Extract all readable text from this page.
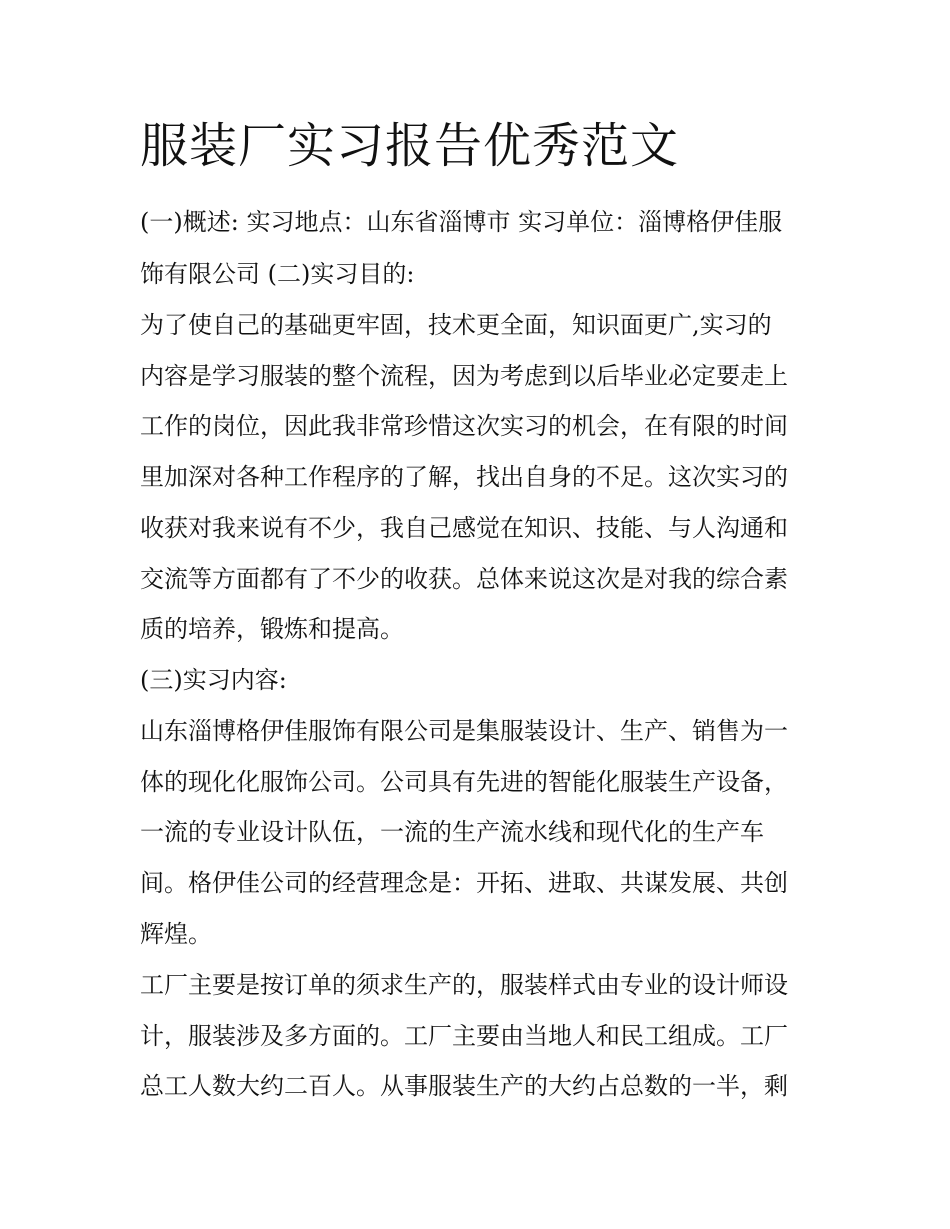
服装厂实习报告优秀范文

(一)概述: 实习地点：山东省淄博市 实习单位：淄博格伊佳服

饰有限公司 (二)实习目的:

为了使自己的基础更牢固，技术更全面，知识面更广,实习的

内容是学习服装的整个流程，因为考虑到以后毕业必定要走上

工作的岗位，因此我非常珍惜这次实习的机会，在有限的时间

里加深对各种工作程序的了解，找出自身的不足。这次实习的

收获对我来说有不少，我自己感觉在知识、技能、与人沟通和

交流等方面都有了不少的收获。总体来说这次是对我的综合素

质的培养，锻炼和提高。

(三)实习内容:

山东淄博格伊佳服饰有限公司是集服装设计、生产、销售为一

体的现化化服饰公司。公司具有先进的智能化服装生产设备，

一流的专业设计队伍，一流的生产流水线和现代化的生产车

间。格伊佳公司的经营理念是：开拓、进取、共谋发展、共创

辉煌。

工厂主要是按订单的须求生产的，服装样式由专业的设计师设

计，服装涉及多方面的。工厂主要由当地人和民工组成。工厂

总工人数大约二百人。从事服装生产的大约占总数的一半，剩
